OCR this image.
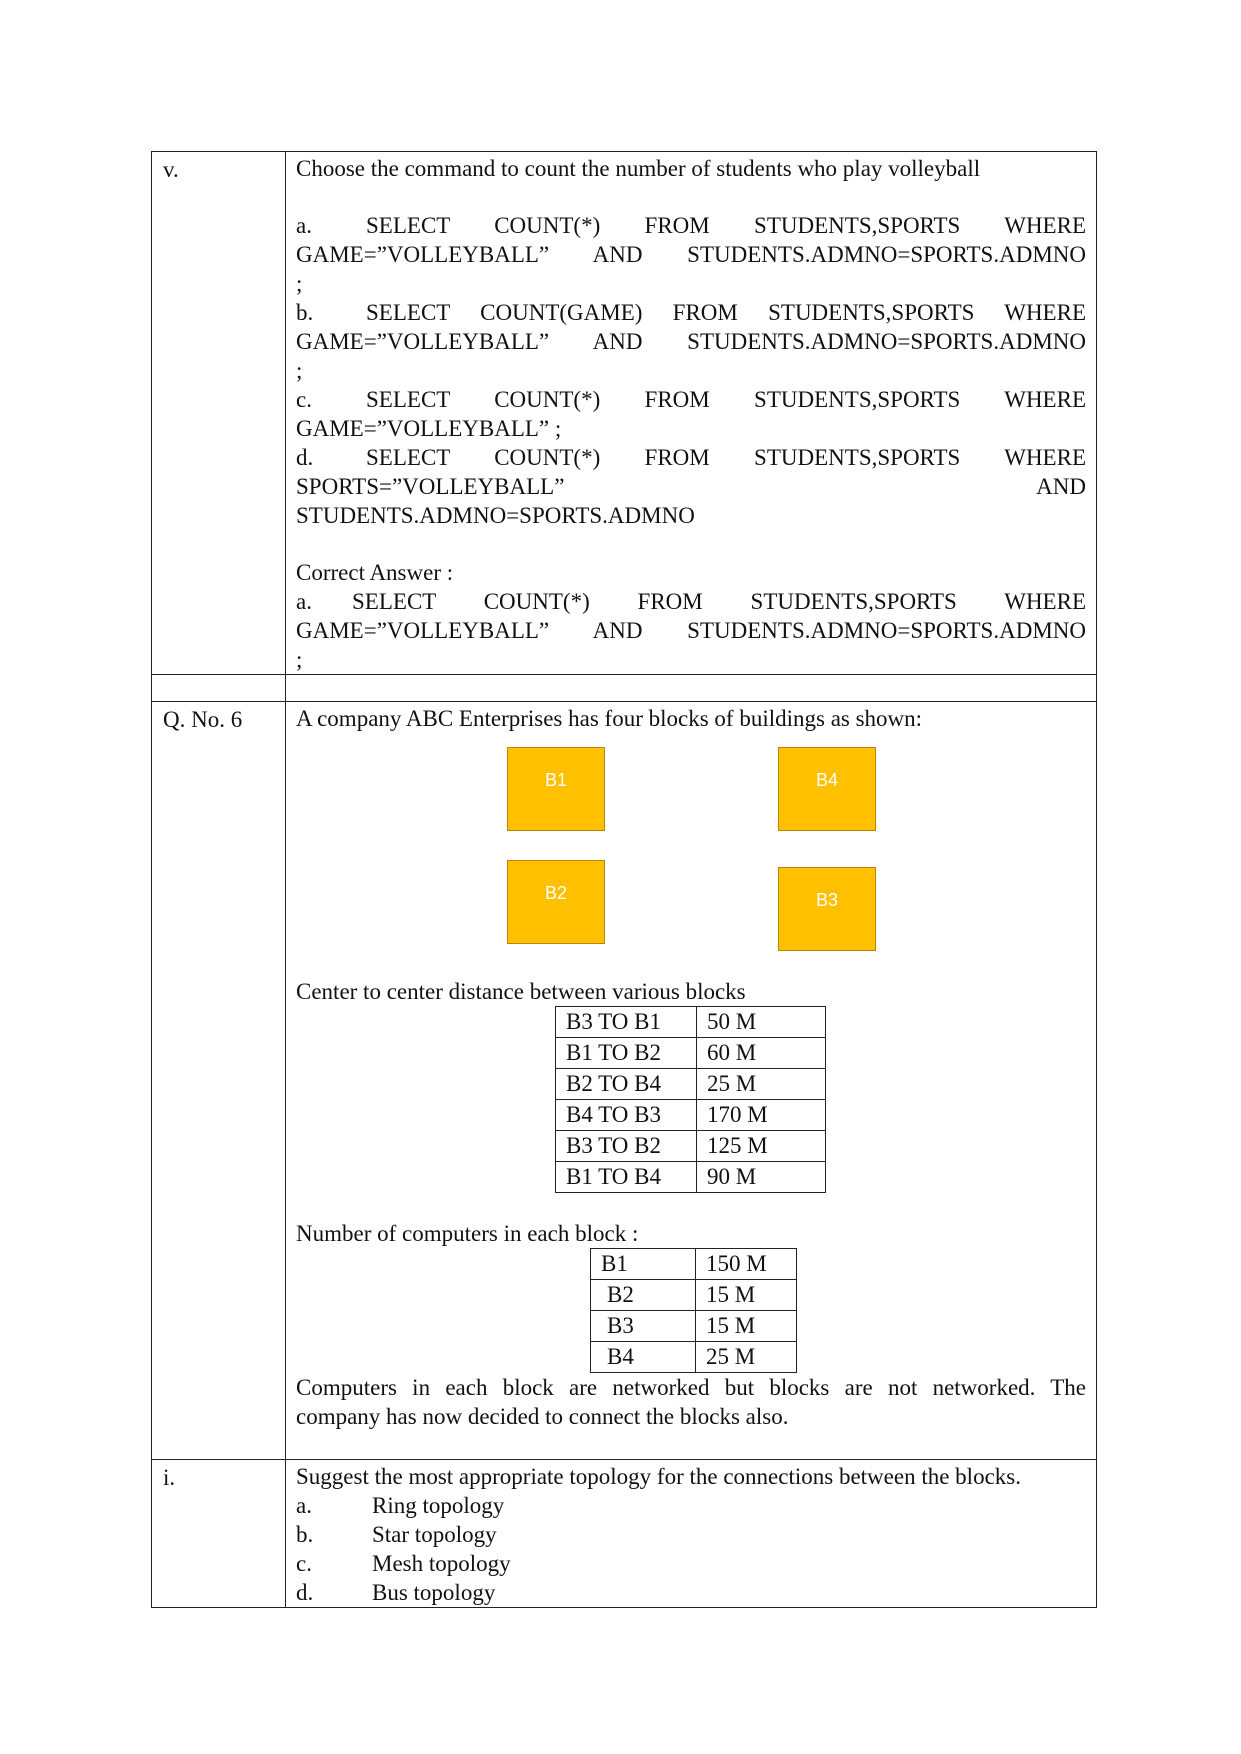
v.	Choose the command to count the number of students who play volleyball
a. SELECT COUNT(*) FROM STUDENTS,SPORTS WHERE
GAME=”VOLLEYBALL” AND STUDENTS.ADMNO=SPORTS.ADMNO
;
b. SELECT COUNT(GAME) FROM STUDENTS,SPORTS WHERE
GAME=”VOLLEYBALL” AND STUDENTS.ADMNO=SPORTS.ADMNO
;
c. SELECT COUNT(*) FROM STUDENTS,SPORTS WHERE
GAME=”VOLLEYBALL” ;
d. SELECT COUNT(*) FROM STUDENTS,SPORTS WHERE
SPORTS=”VOLLEYBALL” AND
STUDENTS.ADMNO=SPORTS.ADMNO
Correct Answer :
a. SELECT COUNT(*) FROM STUDENTS,SPORTS WHERE
GAME=”VOLLEYBALL” AND STUDENTS.ADMNO=SPORTS.ADMNO
;

Q. No. 6	A company ABC Enterprises has four blocks of buildings as shown:
B1	B4
B2	B3
Center to center distance between various blocks
B3 TO B1	50 M
B1 TO B2	60 M
B2 TO B4	25 M
B4 TO B3	170 M
B3 TO B2	125 M
B1 TO B4	90 M
Number of computers in each block :
B1	150 M
B2	15 M
B3	15 M
B4	25 M
Computers in each block are networked but blocks are not networked. The
company has now decided to connect the blocks also.

i.	Suggest the most appropriate topology for the connections between the blocks.
a.	Ring topology
b.	Star topology
c.	Mesh topology
d.	Bus topology
